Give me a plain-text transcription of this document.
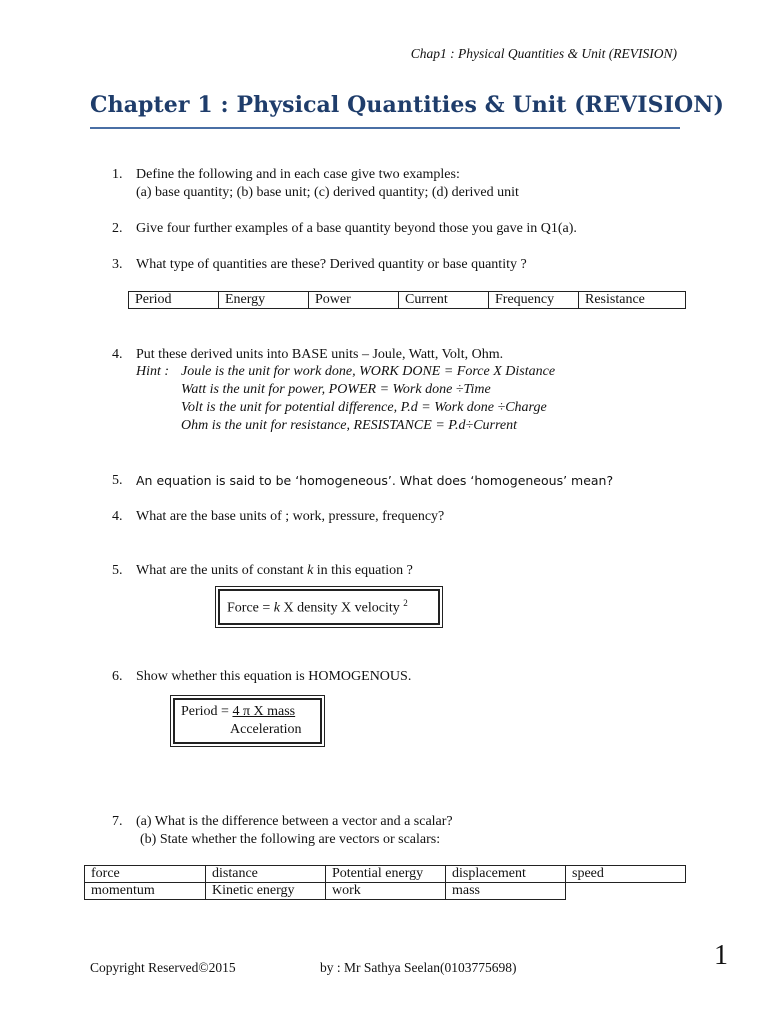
Chap1 : Physical Quantities & Unit (REVISION)
Chapter 1 : Physical Quantities & Unit (REVISION)
1. Define the following and in each case give two examples:
(a) base quantity; (b) base unit; (c) derived quantity; (d) derived unit
2. Give four further examples of a base quantity beyond those you gave in Q1(a).
3. What type of quantities are these? Derived quantity or base quantity ?
Period	Energy	Power	Current	Frequency	Resistance
4. Put these derived units into BASE units – Joule, Watt, Volt, Ohm.
Hint : Joule is the unit for work done, WORK DONE = Force X Distance
Watt is the unit for power, POWER = Work done ÷Time
Volt is the unit for potential difference, P.d = Work done ÷Charge
Ohm is the unit for resistance, RESISTANCE = P.d÷Current
5. An equation is said to be ‘homogeneous’. What does ‘homogeneous’ mean?
4. What are the base units of ; work, pressure, frequency?
5. What are the units of constant k in this equation ?
Force = k X density X velocity $^2$
6. Show whether this equation is HOMOGENOUS.
Period = 4 π X mass
Acceleration
7. (a) What is the difference between a vector and a scalar?
(b) State whether the following are vectors or scalars:
force	distance	Potential energy	displacement	speed
momentum	Kinetic energy	work	mass	
Copyright Reserved©2015	by : Mr Sathya Seelan(0103775698)	1
